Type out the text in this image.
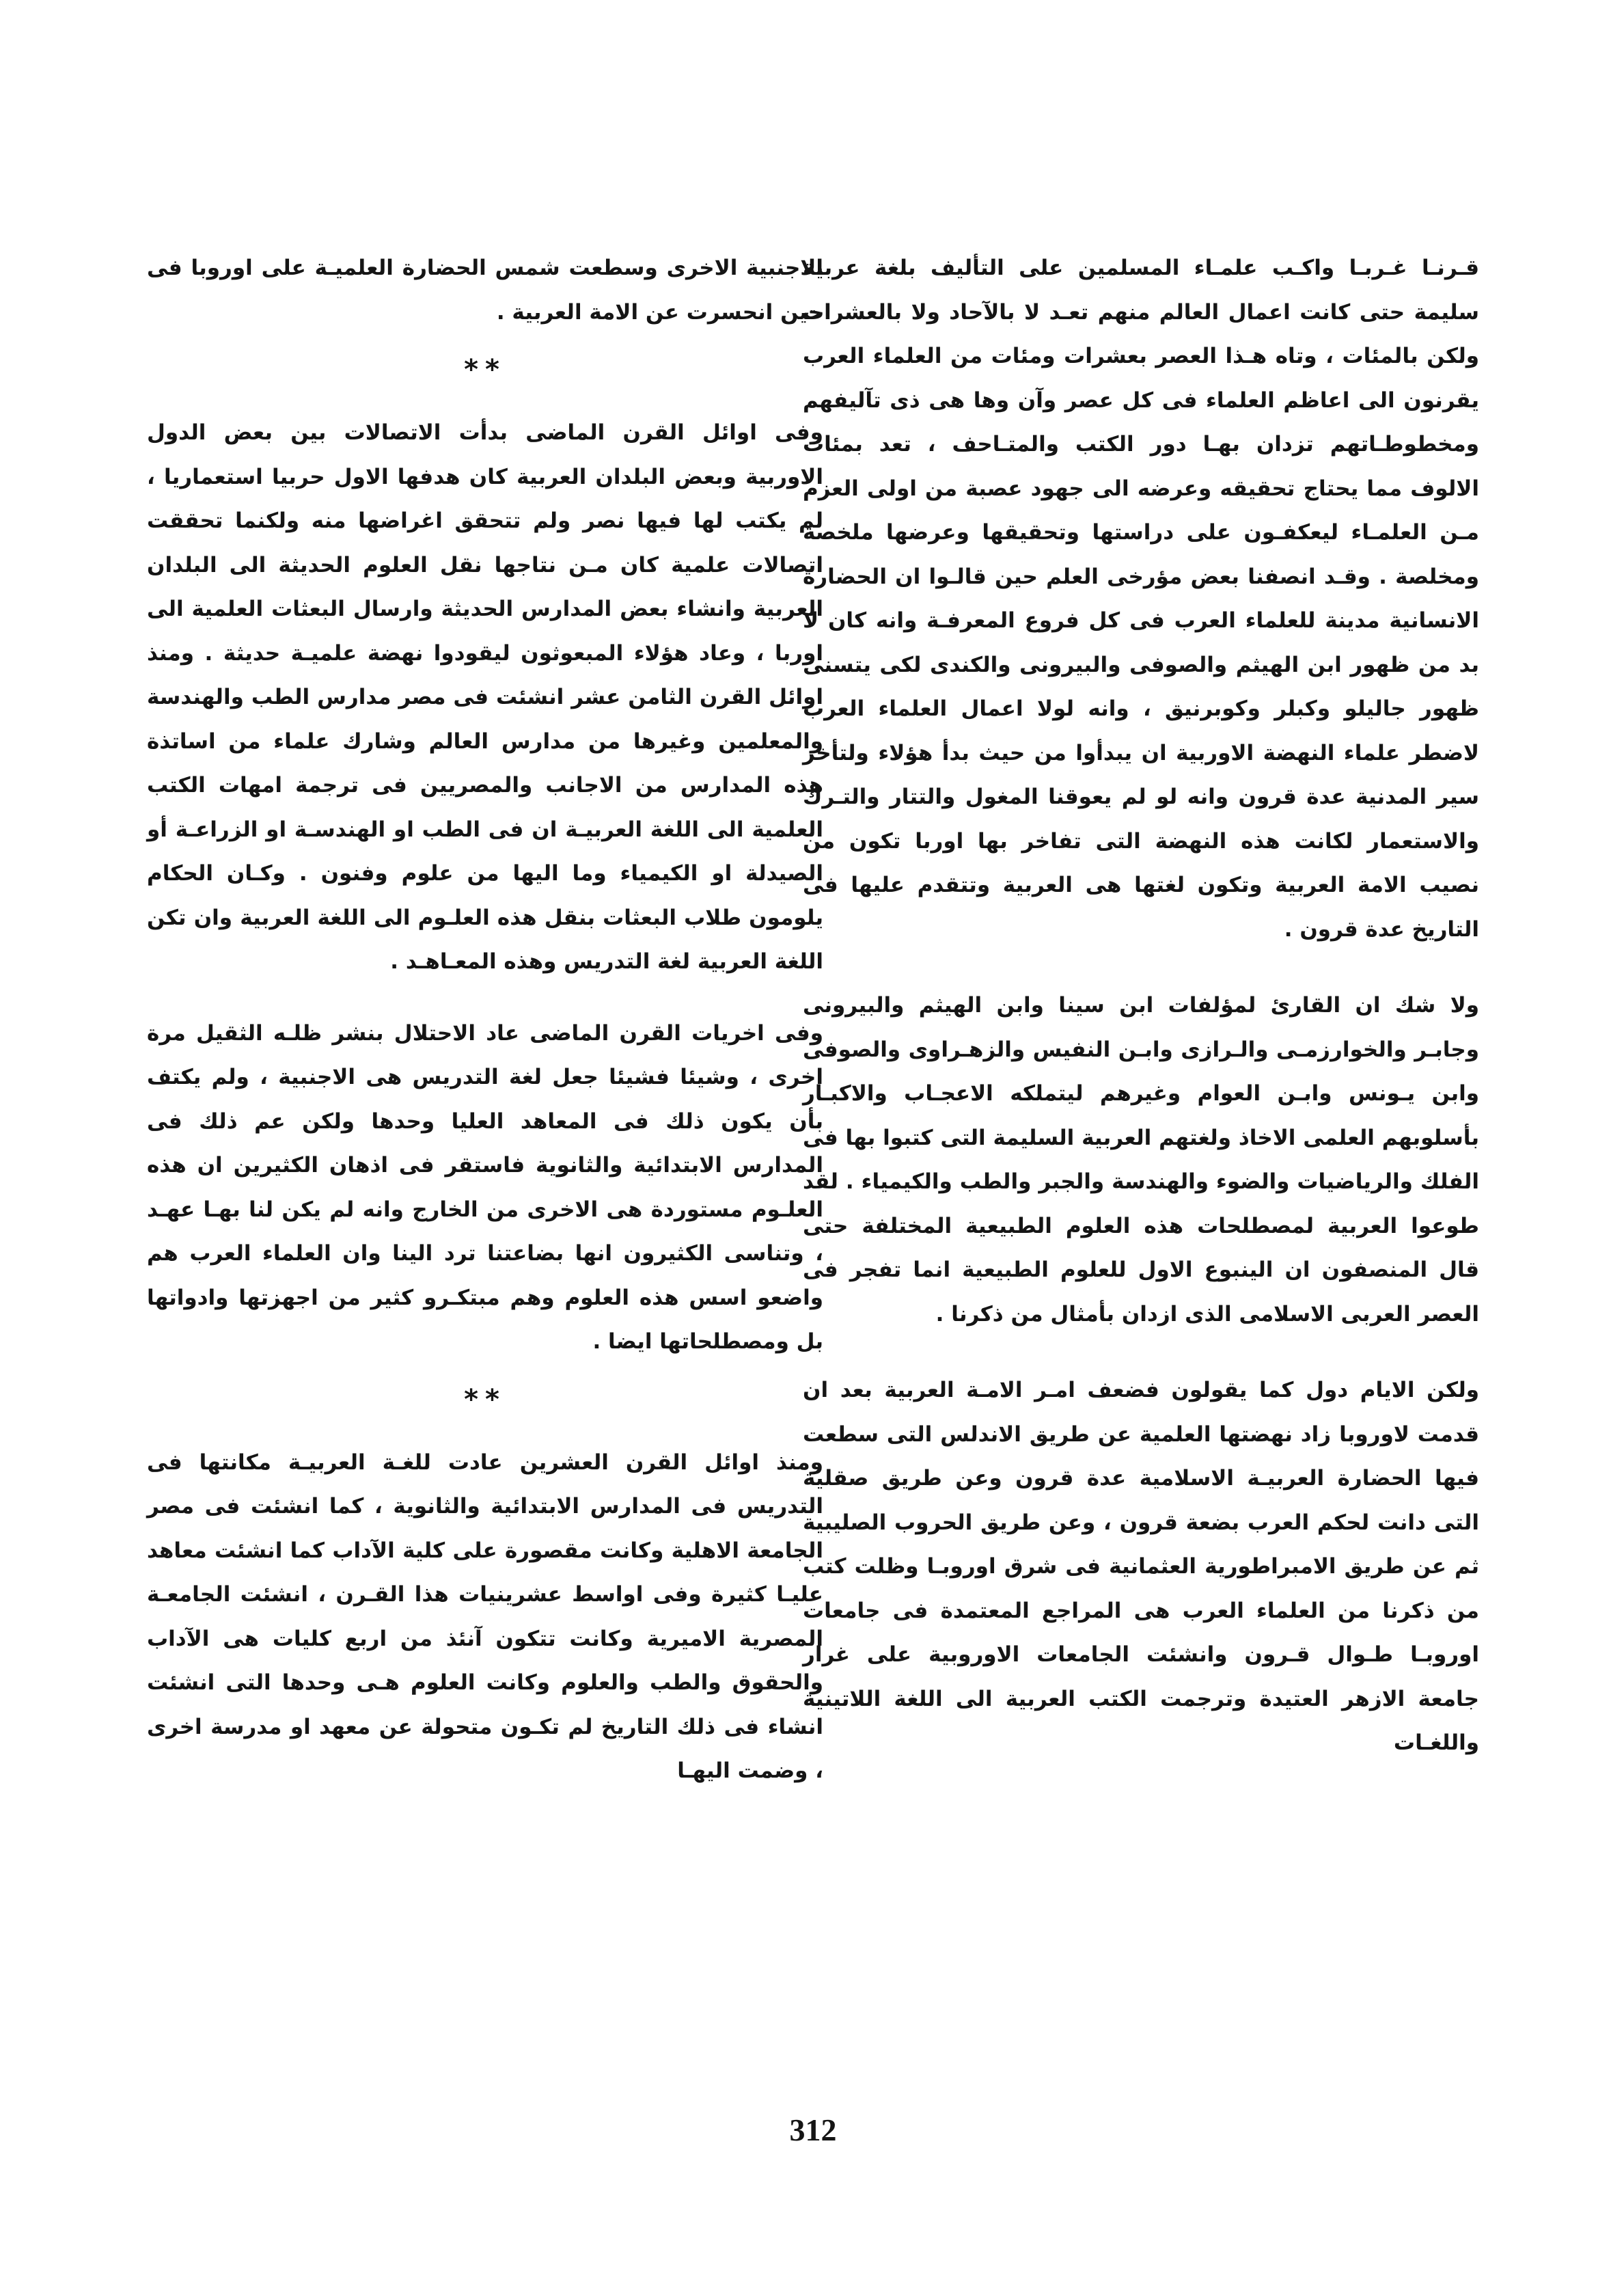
قـرنـا غـربـا واكـب علمـاء المسلمين على التأليف بلغة عربية سليمة حتى كانت اعمال العالم منهم تعـد لا بالآحاد ولا بالعشرات ولكن بالمئات ، وتاه هـذا العصر بعشرات ومئات من العلماء العرب يقرنون الى اعاظم العلماء فى كل عصر وآن وها هى ذى تآليفهم ومخطوطـاتهم تزدان بهـا دور الكتب والمتـاحف ، تعد بمئات الالوف مما يحتاج تحقيقه وعرضه الى جهود عصبة من اولى العزم مـن العلمـاء ليعكفـون على دراستها وتحقيقها وعرضها ملخصة ومخلصة . وقـد انصفنا بعض مؤرخى العلم حين قالـوا ان الحضارة الانسانية مدينة للعلماء العرب فى كل فروع المعرفـة وانه كان لا بد من ظهور ابن الهيثم والصوفى والبيرونى والكندى لكى يتسنى ظهور جاليلو وكبلر وكوبرنيق ، وانه لولا اعمال العلماء العرب لاضطر علماء النهضة الاوربية ان يبدأوا من حيث بدأ هؤلاء ولتأخر سير المدنية عدة قرون وانه لو لم يعوقنا المغول والتتار والتـرك والاستعمار لكانت هذه النهضة التى تفاخر بها اوربا تكون من نصيب الامة العربية وتكون لغتها هى العربية وتتقدم عليها فى التاريخ عدة قرون .

ولا شك ان القارئ لمؤلفات ابن سينا وابن الهيثم والبيرونى وجابـر والخوارزمـى والـرازى وابـن النفيس والزهـراوى والصوفى وابن يـونس وابـن العوام وغيرهم ليتملكه الاعجـاب والاكبـار بأسلوبهم العلمى الاخاذ ولغتهم العربية السليمة التى كتبوا بها فى الفلك والرياضيات والضوء والهندسة والجبر والطب والكيمياء . لقد طوعوا العربية لمصطلحات هذه العلوم الطبيعية المختلفة حتى قال المنصفون ان الينبوع الاول للعلوم الطبيعية انما تفجر فى العصر العربى الاسلامى الذى ازدان بأمثال من ذكرنا .

ولكن الايام دول كما يقولون فضعف امـر الامـة العربية بعد ان قدمت لاوروبا زاد نهضتها العلمية عن طريق الاندلس التى سطعت فيها الحضارة العربيـة الاسلامية عدة قرون وعن طريق صقلية التى دانت لحكم العرب بضعة قرون ، وعن طريق الحروب الصليبية ثم عن طريق الامبراطورية العثمانية فى شرق اوروبـا وظلت كتب من ذكرنا من العلماء العرب هى المراجع المعتمدة فى جامعات اوروبـا طـوال قـرون وانشئت الجامعات الاوروبية على غرار جامعة الازهر العتيدة وترجمت الكتب العربية الى اللغة اللاتينية واللغـات

الاجنبية الاخرى وسطعت شمس الحضارة العلميـة على اوروبا فى حين انحسرت عن الامة العربية .

**

وفى اوائل القرن الماضى بدأت الاتصالات بين بعض الدول الاوربية وبعض البلدان العربية كان هدفها الاول حربيا استعماريا ، لم يكتب لها فيها نصر ولم تتحقق اغراضها منه ولكنما تحققت اتصالات علمية كان مـن نتاجها نقل العلوم الحديثة الى البلدان العربية وانشاء بعض المدارس الحديثة وارسال البعثات العلمية الى اوربا ، وعاد هؤلاء المبعوثون ليقودوا نهضة علميـة حديثة . ومنذ اوائل القرن الثامن عشر انشئت فى مصر مدارس الطب والهندسة والمعلمين وغيرها من مدارس العالم وشارك علماء من اساتذة هذه المدارس من الاجانب والمصريين فى ترجمة امهات الكتب العلمية الى اللغة العربيـة ان فى الطب او الهندسـة او الزراعـة أو الصيدلة او الكيمياء وما اليها من علوم وفنون . وكـان الحكام يلومون طلاب البعثات بنقل هذه العلـوم الى اللغة العربية وان تكن اللغة العربية لغة التدريس وهذه المعـاهـد .

وفى اخريات القرن الماضى عاد الاحتلال بنشر ظلـه الثقيل مرة اخرى ، وشيئا فشيئا جعل لغة التدريس هى الاجنبية ، ولم يكتف بأن يكون ذلك فى المعاهد العليا وحدها ولكن عم ذلك فى المدارس الابتدائية والثانوية فاستقر فى اذهان الكثيرين ان هذه العلـوم مستوردة هى الاخرى من الخارج وانه لم يكن لنا بهـا عهـد ، وتناسى الكثيرون انها بضاعتنا ترد الينا وان العلماء العرب هم واضعو اسس هذه العلوم وهم مبتكـرو كثير من اجهزتها وادواتها بل ومصطلحاتها ايضا .

**

ومنذ اوائل القرن العشرين عادت للغـة العربيـة مكانتها فى التدريس فى المدارس الابتدائية والثانوية ، كما انشئت فى مصر الجامعة الاهلية وكانت مقصورة على كلية الآداب كما انشئت معاهد عليـا كثيرة وفى اواسط عشرينيات هذا القـرن ، انشئت الجامعـة المصرية الاميرية وكانت تتكون آنئذ من اربع كليات هى الآداب والحقوق والطب والعلوم وكانت العلوم هـى وحدها التى انشئت انشاء فى ذلك التاريخ لم تكـون متحولة عن معهد او مدرسة اخرى ، وضمت اليهـا

312
